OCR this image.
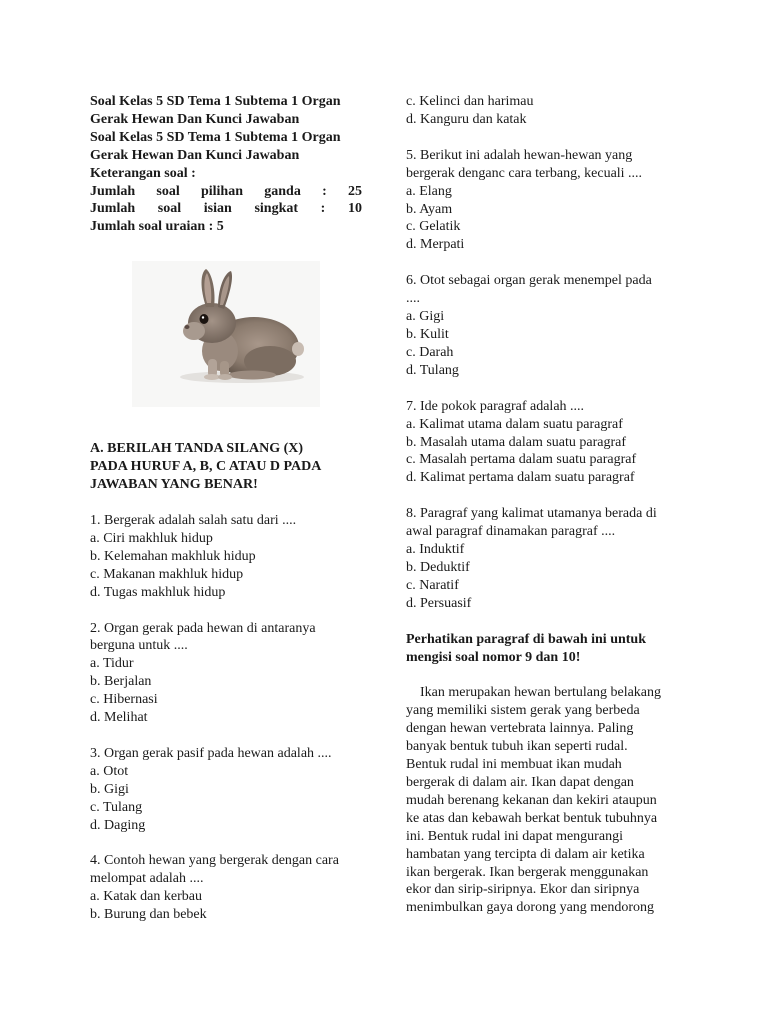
Soal Kelas 5 SD Tema 1 Subtema 1 Organ
Gerak Hewan Dan Kunci Jawaban
Soal Kelas 5 SD Tema 1 Subtema 1 Organ
Gerak Hewan Dan Kunci Jawaban
Keterangan soal :
Jumlah soal pilihan ganda : 25
Jumlah soal isian singkat : 10
Jumlah soal uraian : 5
A. BERILAH TANDA SILANG (X)
PADA HURUF A, B, C ATAU D PADA
JAWABAN YANG BENAR!
1. Bergerak adalah salah satu dari ....
a. Ciri makhluk hidup
b. Kelemahan makhluk hidup
c. Makanan makhluk hidup
d. Tugas makhluk hidup
2. Organ gerak pada hewan di antaranya
berguna untuk ....
a. Tidur
b. Berjalan
c. Hibernasi
d. Melihat
3. Organ gerak pasif pada hewan adalah ....
a. Otot
b. Gigi
c. Tulang
d. Daging
4. Contoh hewan yang bergerak dengan cara
melompat adalah ....
a. Katak dan kerbau
b. Burung dan bebek
c. Kelinci dan harimau
d. Kanguru dan katak
5. Berikut ini adalah hewan-hewan yang
bergerak denganc cara terbang, kecuali ....
a. Elang
b. Ayam
c. Gelatik
d. Merpati
6. Otot sebagai organ gerak menempel pada
....
a. Gigi
b. Kulit
c. Darah
d. Tulang
7. Ide pokok paragraf adalah ....
a. Kalimat utama dalam suatu paragraf
b. Masalah utama dalam suatu paragraf
c. Masalah pertama dalam suatu paragraf
d. Kalimat pertama dalam suatu paragraf
8. Paragraf yang kalimat utamanya berada di
awal paragraf dinamakan paragraf ....
a. Induktif
b. Deduktif
c. Naratif
d. Persuasif
Perhatikan paragraf di bawah ini untuk
mengisi soal nomor 9 dan 10!
Ikan merupakan hewan bertulang belakang
yang memiliki sistem gerak yang berbeda
dengan hewan vertebrata lainnya. Paling
banyak bentuk tubuh ikan seperti rudal.
Bentuk rudal ini membuat ikan mudah
bergerak di dalam air. Ikan dapat dengan
mudah berenang kekanan dan kekiri ataupun
ke atas dan kebawah berkat bentuk tubuhnya
ini. Bentuk rudal ini dapat mengurangi
hambatan yang tercipta di dalam air ketika
ikan bergerak. Ikan bergerak menggunakan
ekor dan sirip-siripnya. Ekor dan siripnya
menimbulkan gaya dorong yang mendorong
